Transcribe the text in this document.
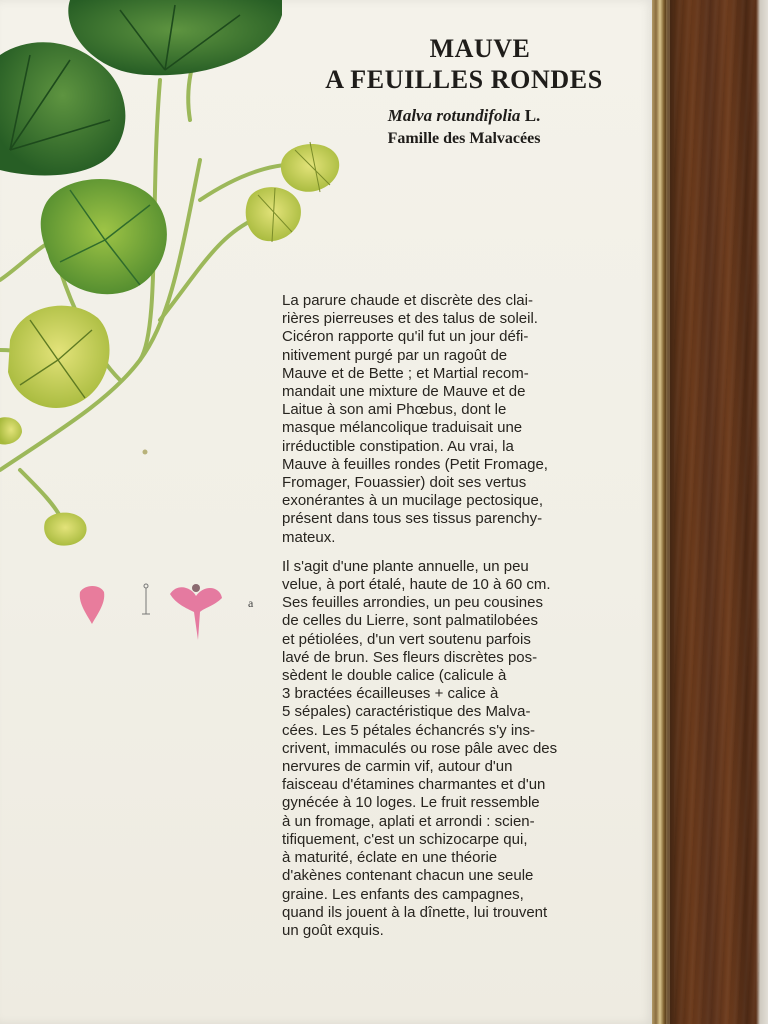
a
MAUVE
A FEUILLES RONDES
Malva rotundifolia L.
Famille des Malvacées

La parure chaude et discrète des clai-
rières pierreuses et des talus de soleil.
Cicéron rapporte qu'il fut un jour défi-
nitivement purgé par un ragoût de
Mauve et de Bette ; et Martial recom-
mandait une mixture de Mauve et de
Laitue à son ami Phœbus, dont le
masque mélancolique traduisait une
irréductible constipation. Au vrai, la
Mauve à feuilles rondes (Petit Fromage,
Fromager, Fouassier) doit ses vertus
exonérantes à un mucilage pectosique,
présent dans tous ses tissus parenchy-
mateux.

Il s'agit d'une plante annuelle, un peu
velue, à port étalé, haute de 10 à 60 cm.
Ses feuilles arrondies, un peu cousines
de celles du Lierre, sont palmatilobées
et pétiolées, d'un vert soutenu parfois
lavé de brun. Ses fleurs discrètes pos-
sèdent le double calice (calicule à
3 bractées écailleuses + calice à
5 sépales) caractéristique des Malva-
cées. Les 5 pétales échancrés s'y ins-
crivent, immaculés ou rose pâle avec des
nervures de carmin vif, autour d'un
faisceau d'étamines charmantes et d'un
gynécée à 10 loges. Le fruit ressemble
à un fromage, aplati et arrondi : scien-
tifiquement, c'est un schizocarpe qui,
à maturité, éclate en une théorie
d'akènes contenant chacun une seule
graine. Les enfants des campagnes,
quand ils jouent à la dînette, lui trouvent
un goût exquis.
